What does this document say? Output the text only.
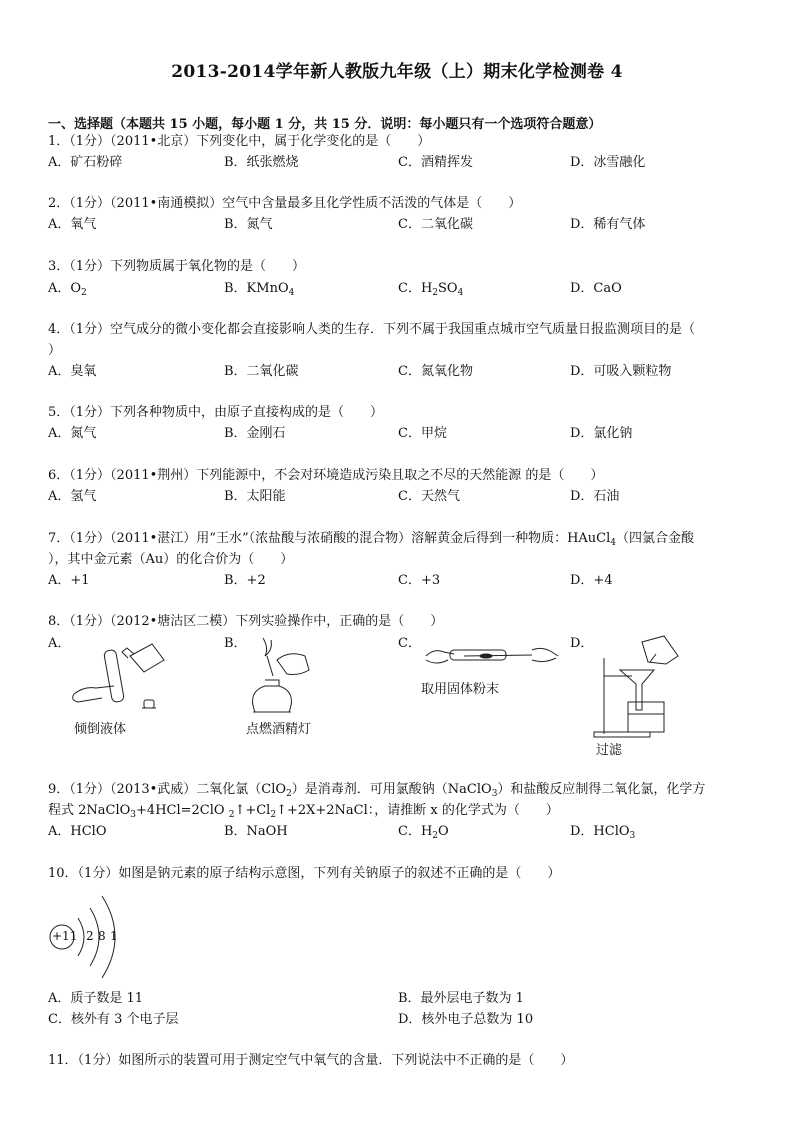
2013-2014学年新人教版九年级（上）期末化学检测卷 4
一、选择题（本题共 15 小题，每小题 1 分，共 15 分．说明：每小题只有一个选项符合题意）
1．（1分）（2011•北京）下列变化中，属于化学变化的是（　　）
A．矿石粉碎	B．纸张燃烧	C．酒精挥发	D．冰雪融化
2．（1分）（2011•南通模拟）空气中含量最多且化学性质不活泼的气体是（　　）
A．氧气	B．氮气	C．二氧化碳	D．稀有气体
3．（1分）下列物质属于氧化物的是（　　）
A．$O_2$	B．KMnO$_4$	C．$H_2SO_4$	D．CaO
4．（1分）空气成分的微小变化都会直接影响人类的生存．下列不属于我国重点城市空气质量日报监测项目的是（
）
A．臭氧	B．二氧化碳	C．氮氧化物	D．可吸入颗粒物
5．（1分）下列各种物质中，由原子直接构成的是（　　）
A．氮气	B．金刚石	C．甲烷	D．氯化钠
6．（1分）（2011•荆州）下列能源中，不会对环境造成污染且取之不尽的天然能源 的是（　　）
A．氢气	B．太阳能	C．天然气	D．石油
7．（1分）（2011•湛江）用“王水”（浓盐酸与浓硝酸的混合物）溶解黄金后得到一种物质：HAuCl$_4$（四氯合金酸
），其中金元素（Au）的化合价为（　　）
A．+1	B．+2	C．+3	D．+4
8．（1分）（2012•塘沽区二模）下列实验操作中，正确的是（　　）
A．	B．	C．	D．
倾倒液体	点燃酒精灯
取用固体粉末
过滤
9．（1分）（2013•武威）二氧化氯（ClO$_2$）是消毒剂．可用氯酸钠（NaClO$_3$）和盐酸反应制得二氧化氯，化学方
程式 2NaClO$_3$+4HCl=2ClO $_2↑+Cl_2↑+2X+2NaCl$：，请推断 x 的化学式为（　　）
A．HClO	B．NaOH	C．$H_2O$	D．HClO$_3$
10．（1分）如图是钠元素的原子结构示意图，下列有关钠原子的叙述不正确的是（　　）
+11 2 8 1
A．质子数是 11	B．最外层电子数为 1
C．核外有 3 个电子层	D．核外电子总数为 10
11．（1分）如图所示的装置可用于测定空气中氧气的含量．下列说法中不正确的是（　　）
